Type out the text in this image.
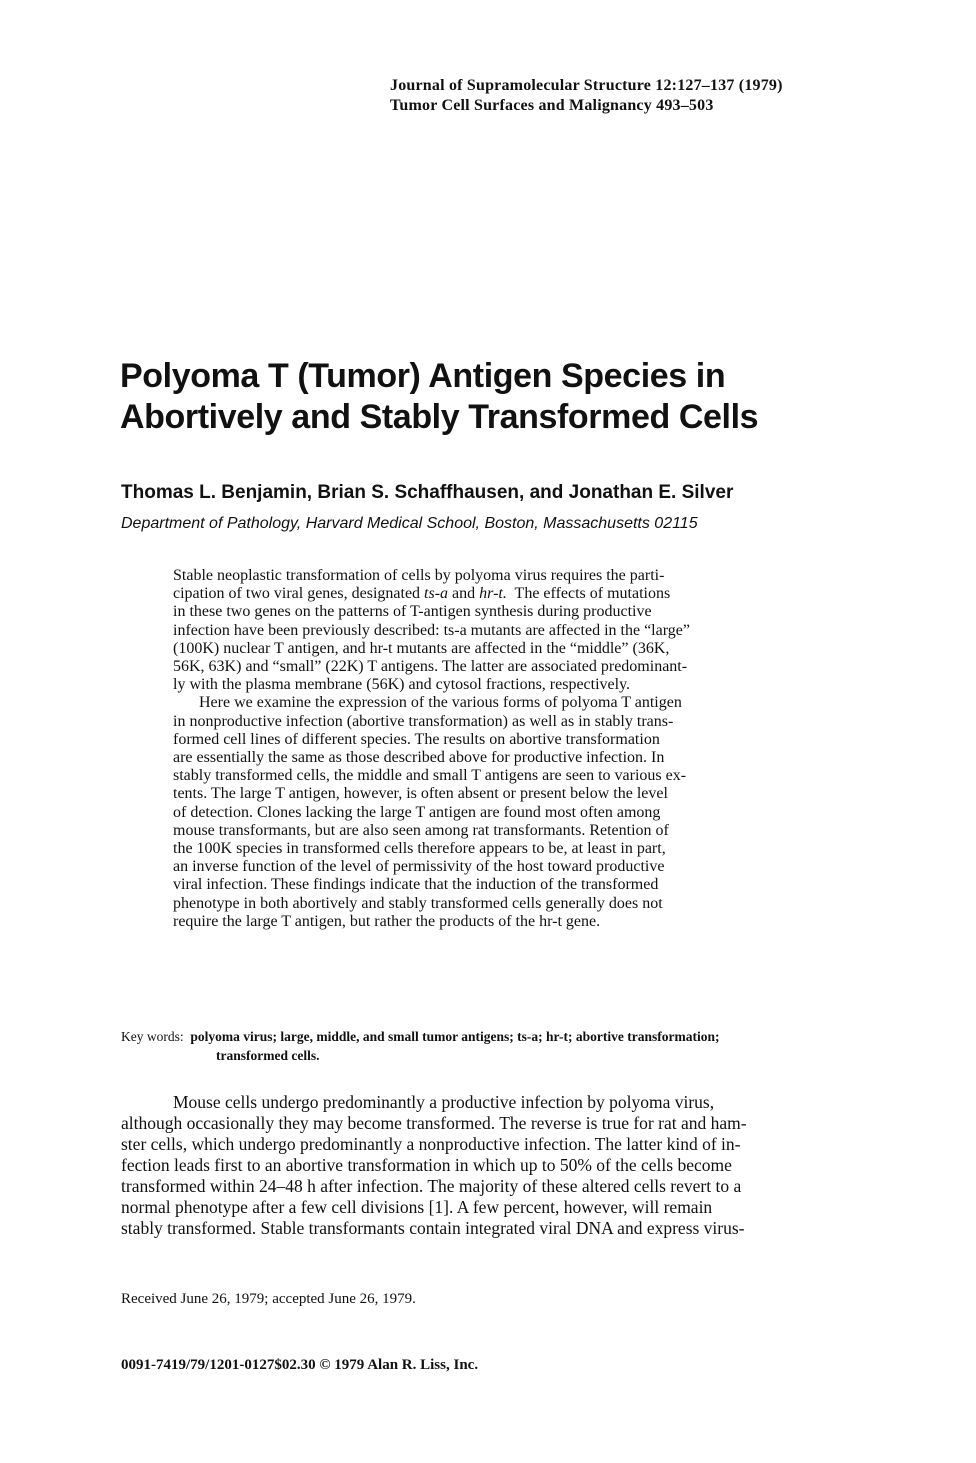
Journal of Supramolecular Structure 12:127–137 (1979)
Tumor Cell Surfaces and Malignancy 493–503
Polyoma T (Tumor) Antigen Species in
Abortively and Stably Transformed Cells
Thomas L. Benjamin, Brian S. Schaffhausen, and Jonathan E. Silver
Department of Pathology, Harvard Medical School, Boston, Massachusetts 02115
Stable neoplastic transformation of cells by polyoma virus requires the parti-
cipation of two viral genes, designated ts-a and hr-t.  The effects of mutations
in these two genes on the patterns of T-antigen synthesis during productive
infection have been previously described: ts-a mutants are affected in the “large”
(100K) nuclear T antigen, and hr-t mutants are affected in the “middle” (36K,
56K, 63K) and “small” (22K) T antigens. The latter are associated predominant-
ly with the plasma membrane (56K) and cytosol fractions, respectively.
Here we examine the expression of the various forms of polyoma T antigen
in nonproductive infection (abortive transformation) as well as in stably trans-
formed cell lines of different species. The results on abortive transformation
are essentially the same as those described above for productive infection. In
stably transformed cells, the middle and small T antigens are seen to various ex-
tents. The large T antigen, however, is often absent or present below the level
of detection. Clones lacking the large T antigen are found most often among
mouse transformants, but are also seen among rat transformants. Retention of
the 100K species in transformed cells therefore appears to be, at least in part,
an inverse function of the level of permissivity of the host toward productive
viral infection. These findings indicate that the induction of the transformed
phenotype in both abortively and stably transformed cells generally does not
require the large T antigen, but rather the products of the hr-t gene.
Key words: polyoma virus; large, middle, and small tumor antigens; ts-a; hr-t; abortive transformation;
transformed cells.
Mouse cells undergo predominantly a productive infection by polyoma virus,
although occasionally they may become transformed. The reverse is true for rat and ham-
ster cells, which undergo predominantly a nonproductive infection. The latter kind of in-
fection leads first to an abortive transformation in which up to 50% of the cells become
transformed within 24–48 h after infection. The majority of these altered cells revert to a
normal phenotype after a few cell divisions [1]. A few percent, however, will remain
stably transformed. Stable transformants contain integrated viral DNA and express virus-
Received June 26, 1979; accepted June 26, 1979.
0091-7419/79/1201-0127$02.30 © 1979 Alan R. Liss, Inc.
